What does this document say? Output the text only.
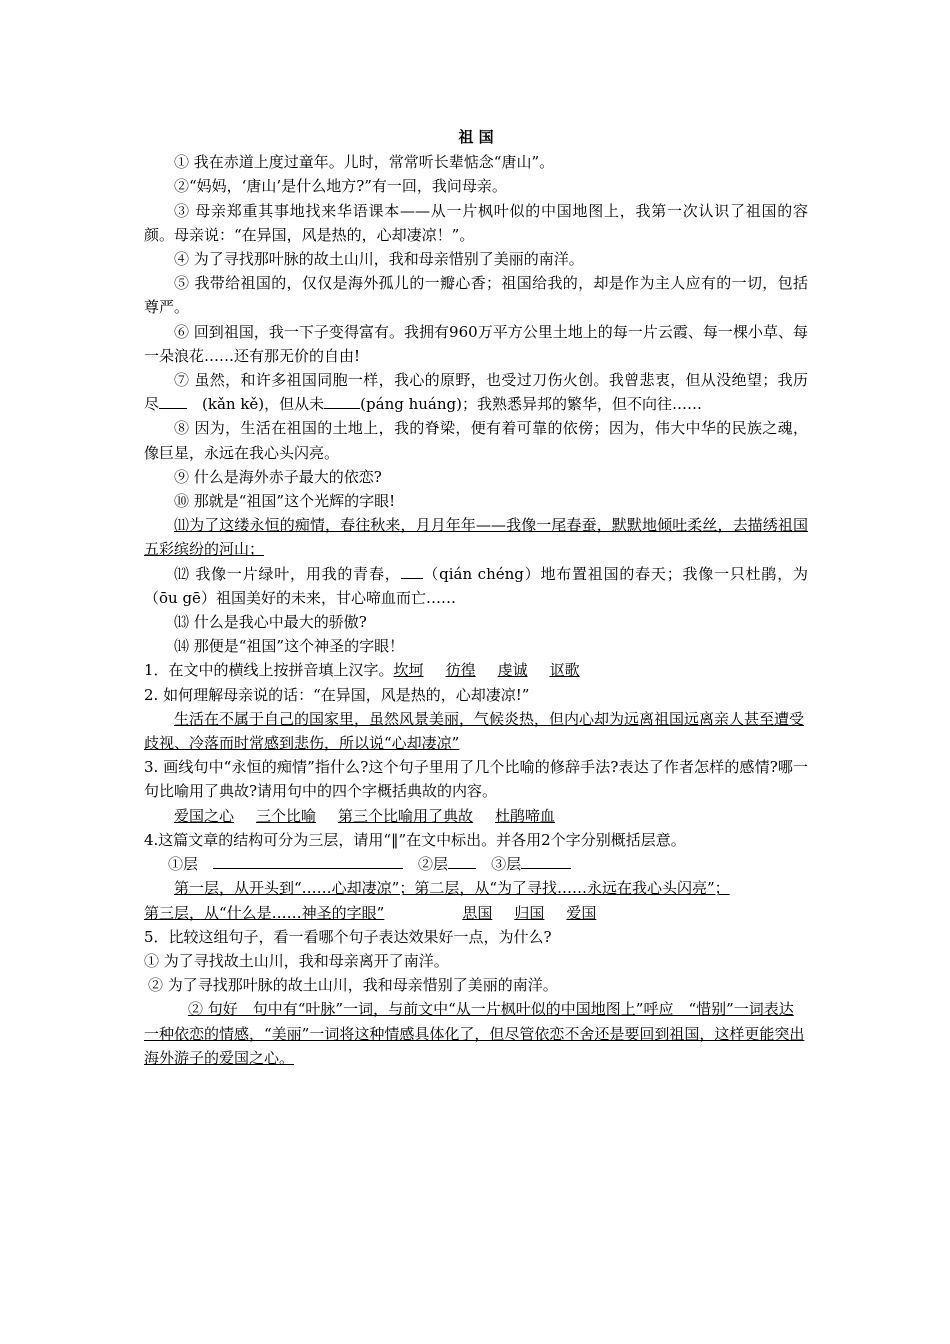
祖 国

① 我在赤道上度过童年。儿时，常常听长辈惦念“唐山”。

②“妈妈，‘唐山’是什么地方?”有一回，我问母亲。

③ 母亲郑重其事地找来华语课本——从一片枫叶似的中国地图上，我第一次认识了祖国的容颜。母亲说：“在异国，风是热的，心却凄凉！”。

④ 为了寻找那叶脉的故土山川，我和母亲惜别了美丽的南洋。

⑤ 我带给祖国的，仅仅是海外孤儿的一瓣心香；祖国给我的，却是作为主人应有的一切，包括尊严。

⑥ 回到祖国，我一下子变得富有。我拥有960万平方公里土地上的每一片云霞、每一棵小草、每一朵浪花……还有那无价的自由!

⑦ 虽然，和许多祖国同胞一样，我心的原野，也受过刀伤火创。我曾悲衷，但从没绝望；我历尽　	(kǎn kě)，但从未 (páng huáng)；我熟悉异邦的繁华，但不向往……

⑧ 因为，生活在祖国的土地上，我的脊梁，便有着可靠的依傍；因为，伟大中华的民族之魂，像巨星，永远在我心头闪亮。

⑨ 什么是海外赤子最大的依恋?

⑩ 那就是“祖国”这个光辉的字眼!

⑾为了这缕永恒的痴情，春往秋来，月月年年——我像一尾春蚕，默默地倾吐柔丝，去描绣祖国五彩缤纷的河山；

⑿ 我像一片绿叶，用我的青春， （qián chéng）地布置祖国的春天；我像一只杜鹃，为（ōu gē）祖国美好的未来，甘心啼血而亡……

⒀ 什么是我心中最大的骄傲?

⒁ 那便是“祖国”这个神圣的字眼！

1．在文中的横线上按拼音填上汉字。坎坷 彷徨 虔诚 讴歌

2. 如何理解母亲说的话：“在异国，风是热的，心却凄凉!”

生活在不属于自己的国家里，虽然风景美丽，气候炎热，但内心却为远离祖国远离亲人甚至遭受歧视、冷落而时常感到悲伤，所以说“心却凄凉”

3. 画线句中“永恒的痴情”指什么?这个句子里用了几个比喻的修辞手法?表达了作者怎样的感情?哪一句比喻用了典故?请用句中的四个字概括典故的内容。

爱国之心 三个比喻 第三个比喻用了典故 杜鹃啼血

4.这篇文章的结构可分为三层，请用“‖”在文中标出。并各用2个字分别概括层意。

①层　　	②层　	③层

第一层，从开头到“……心却凄凉”；第二层，从“为了寻找……永远在我心头闪亮”；

第三层，从“什么是……神圣的字眼”	思国 归国 爱国

5．比较这组句子，看一看哪个句子表达效果好一点，为什么?

① 为了寻找故土山川，我和母亲离开了南洋。

② 为了寻找那叶脉的故土山川，我和母亲惜别了美丽的南洋。

② 句好　句中有“叶脉”一词，与前文中“从一片枫叶似的中国地图上”呼应　“惜别”一词表达一种依恋的情感，“美丽”一词将这种情感具体化了，但尽管依恋不舍还是要回到祖国，这样更能突出海外游子的爱国之心。
